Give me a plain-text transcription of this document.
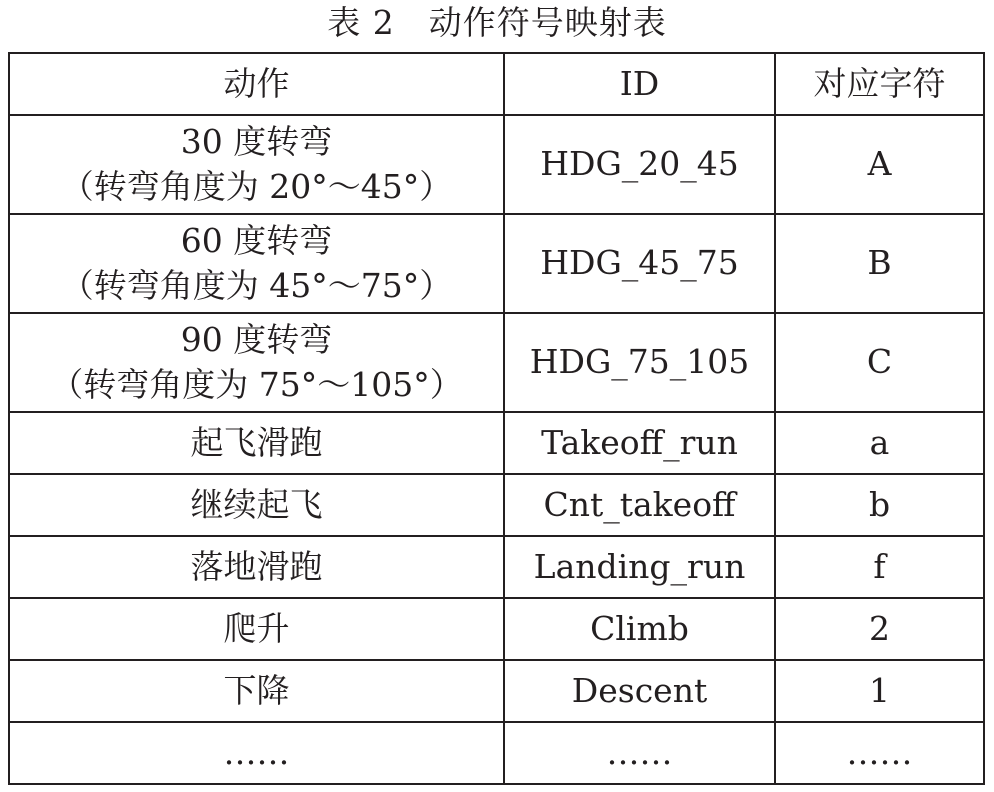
表 2　动作符号映射表
动作	ID	对应字符

30 度转弯
（转弯角度为 20°～45°）	HDG_20_45	A

60 度转弯
（转弯角度为 45°～75°）	HDG_45_75	B

90 度转弯
（转弯角度为 75°～105°）	HDG_75_105	C
起飞滑跑	Takeoff_run	a
继续起飞	Cnt_takeoff	b
落地滑跑	Landing_run	f
爬升	Climb	2
下降	Descent	1
……	……	……
